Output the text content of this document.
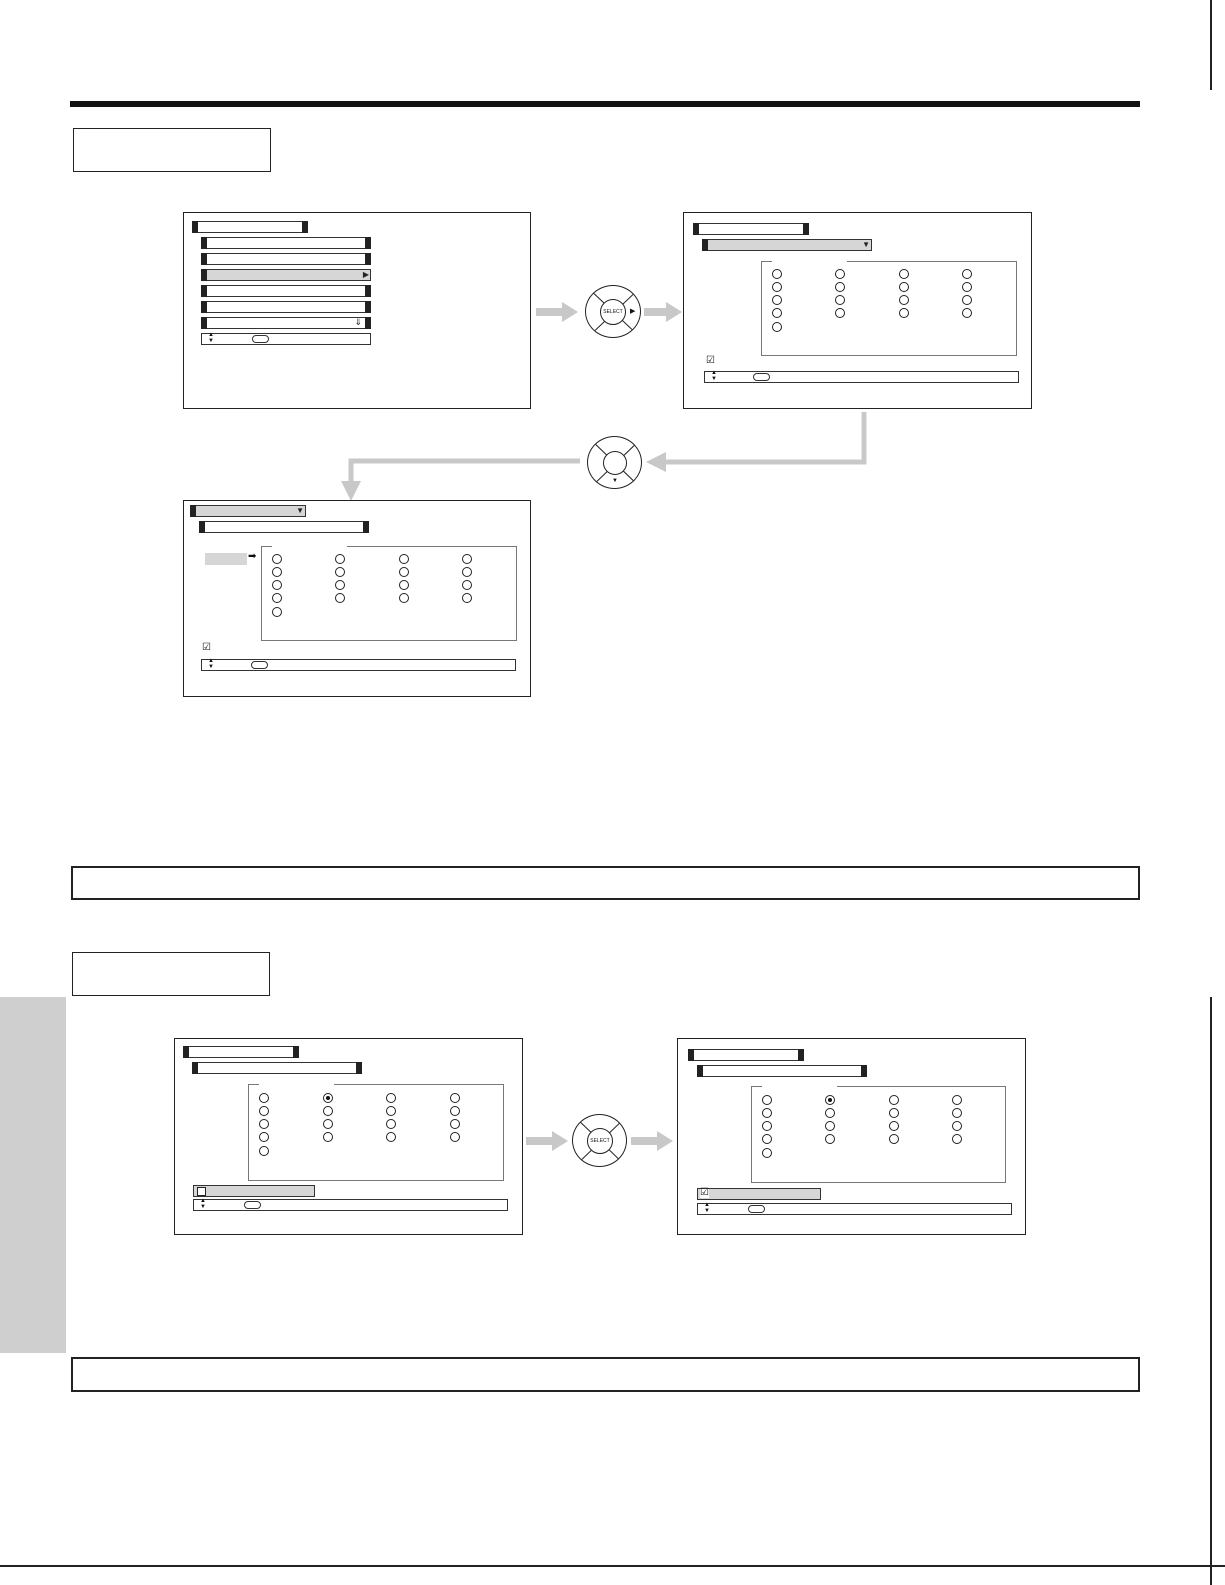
▶
⇓
▲
▼
SELECT	▶
▼
☑
▲
▼
▼
▼
➡
☑
▲
▼
▲
▼
SELECT
☑
▲
▼
